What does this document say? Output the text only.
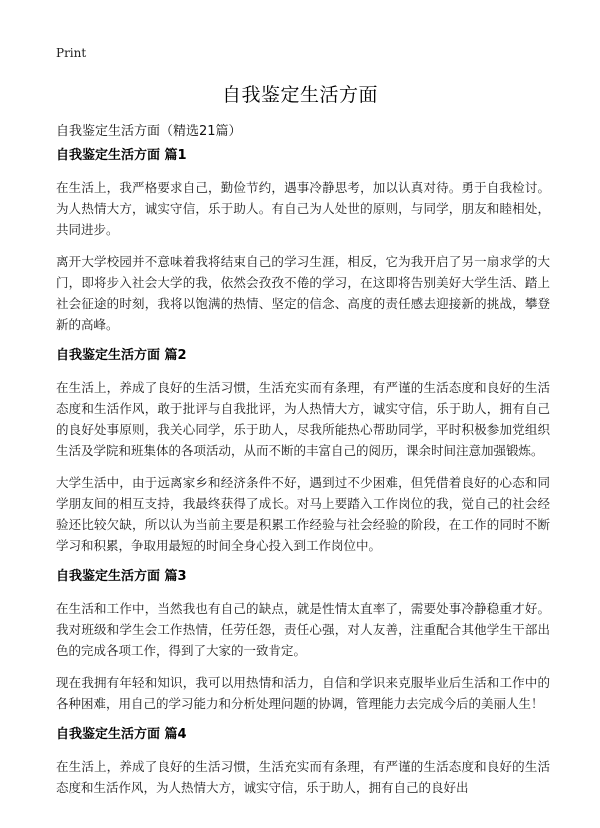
Print
自我鉴定生活方面
自我鉴定生活方面（精选21篇）
自我鉴定生活方面 篇1

在生活上，我严格要求自己，勤俭节约，遇事冷静思考，加以认真对待。勇于自我检讨。为人热情大方，诚实守信，乐于助人。有自己为人处世的原则，与同学，朋友和睦相处，共同进步。

离开大学校园并不意味着我将结束自己的学习生涯，相反，它为我开启了另一扇求学的大门，即将步入社会大学的我，依然会孜孜不倦的学习，在这即将告别美好大学生活、踏上社会征途的时刻，我将以饱满的热情、坚定的信念、高度的责任感去迎接新的挑战，攀登新的高峰。

自我鉴定生活方面 篇2

在生活上，养成了良好的生活习惯，生活充实而有条理，有严谨的生活态度和良好的生活态度和生活作风，敢于批评与自我批评，为人热情大方，诚实守信，乐于助人，拥有自己的良好处事原则，我关心同学，乐于助人，尽我所能热心帮助同学，平时积极参加党组织生活及学院和班集体的各项活动，从而不断的丰富自己的阅历，课余时间注意加强锻炼。

大学生活中，由于远离家乡和经济条件不好，遇到过不少困难，但凭借着良好的心态和同学朋友间的相互支持，我最终获得了成长。对马上要踏入工作岗位的我，觉自己的社会经验还比较欠缺，所以认为当前主要是积累工作经验与社会经验的阶段，在工作的同时不断学习和积累，争取用最短的时间全身心投入到工作岗位中。

自我鉴定生活方面 篇3

在生活和工作中，当然我也有自己的缺点，就是性情太直率了，需要处事冷静稳重才好。我对班级和学生会工作热情，任劳任怨，责任心强，对人友善，注重配合其他学生干部出色的完成各项工作，得到了大家的一致肯定。

现在我拥有年轻和知识，我可以用热情和活力，自信和学识来克服毕业后生活和工作中的各种困难，用自己的学习能力和分析处理问题的协调，管理能力去完成今后的美丽人生！

自我鉴定生活方面 篇4

在生活上，养成了良好的生活习惯，生活充实而有条理，有严谨的生活态度和良好的生活态度和生活作风，为人热情大方，诚实守信，乐于助人，拥有自己的良好出
